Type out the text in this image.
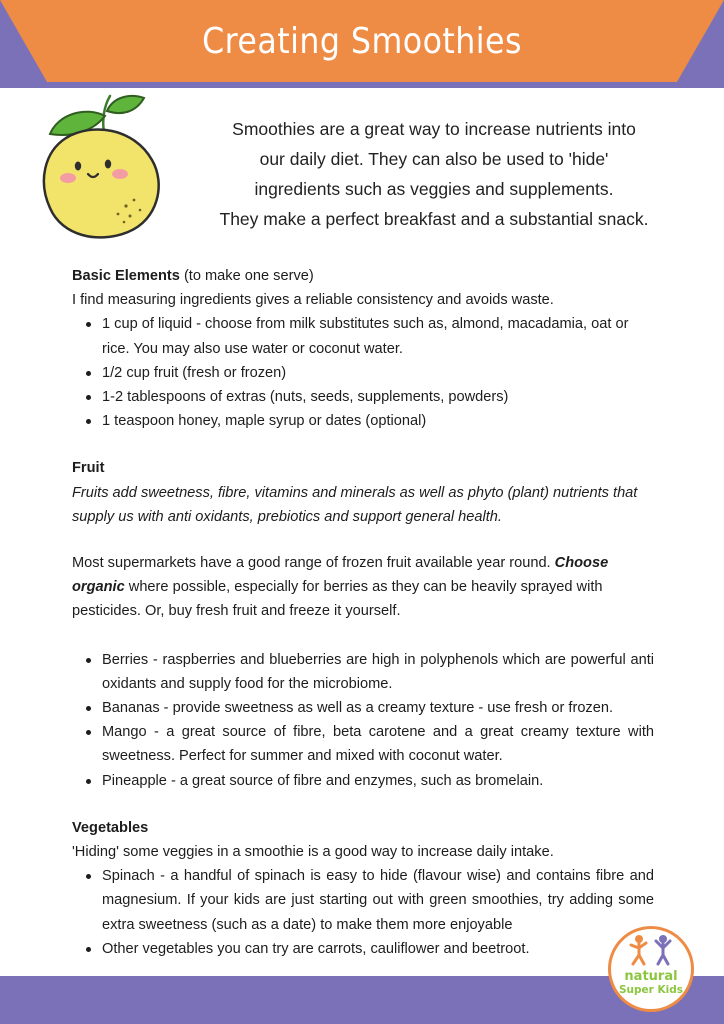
Creating Smoothies
Smoothies are a great way to increase nutrients into
our daily diet. They can also be used to 'hide'
ingredients such as veggies and supplements.
They make a perfect breakfast and a substantial snack.

Basic Elements (to make one serve)

I find measuring ingredients gives a reliable consistency and avoids waste.

1 cup of liquid - choose from milk substitutes such as, almond, macadamia, oat or rice. You may also use water or coconut water.
1/2 cup fruit (fresh or frozen)
1-2 tablespoons of extras (nuts, seeds, supplements, powders)
1 teaspoon honey, maple syrup or dates (optional)

Fruit

Fruits add sweetness, fibre, vitamins and minerals as well as phyto (plant) nutrients that supply us with anti oxidants, prebiotics and support general health.

Most supermarkets have a good range of frozen fruit available year round. Choose organic where possible, especially for berries as they can be heavily sprayed with pesticides. Or, buy fresh fruit and freeze it yourself.

Berries - raspberries and blueberries are high in polyphenols which are powerful anti oxidants and supply food for the microbiome.
Bananas - provide sweetness as well as a creamy texture - use fresh or frozen.
Mango - a great source of fibre, beta carotene and a great creamy texture with sweetness. Perfect for summer and mixed with coconut water.
Pineapple - a great source of fibre and enzymes, such as bromelain.

Vegetables

'Hiding' some veggies in a smoothie is a good way to increase daily intake.

Spinach - a handful of spinach is easy to hide (flavour wise) and contains fibre and magnesium. If your kids are just starting out with green smoothies, try adding some extra sweetness (such as a date) to make them more enjoyable
Other vegetables you can try are carrots, cauliflower and beetroot.
natural
Super Kids
